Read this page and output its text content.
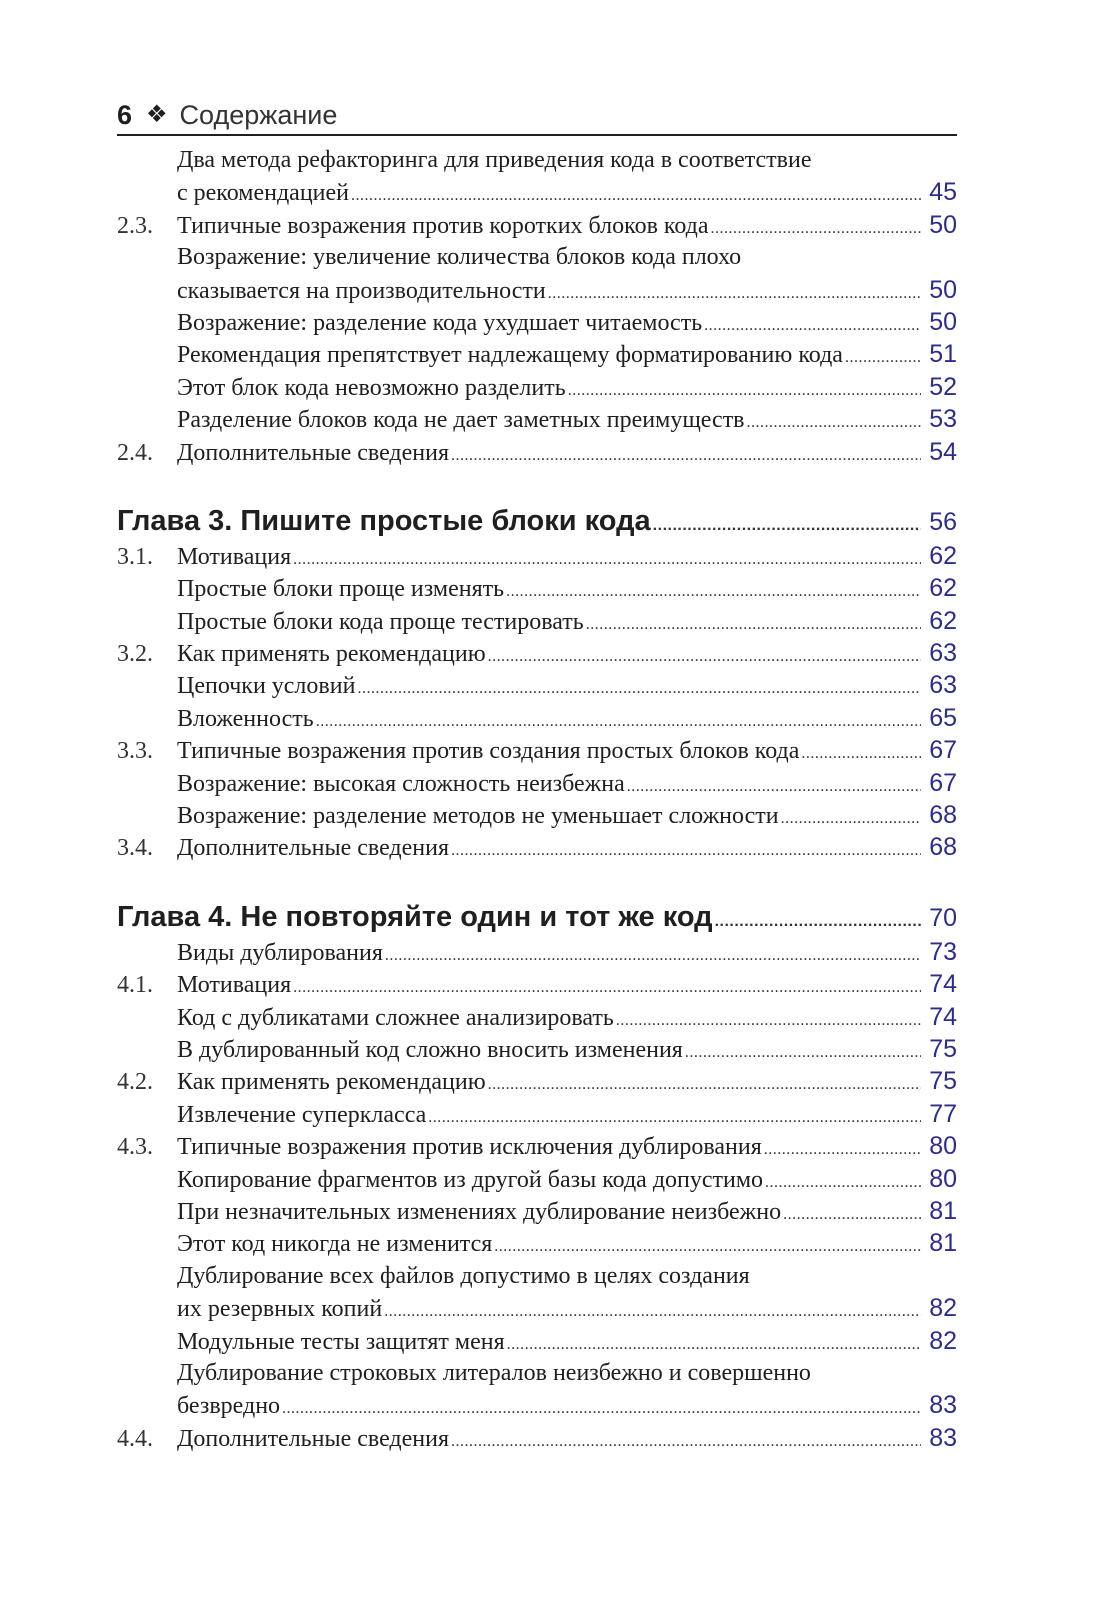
6 ❖ Содержание
Два метода рефакторинга для приведения кода в соответствие
с рекомендацией .....	45
2.3.	Типичные возражения против коротких блоков кода .....	50
Возражение: увеличение количества блоков кода плохо
сказывается на производительности .....	50
Возражение: разделение кода ухудшает читаемость .....	50
Рекомендация препятствует надлежащему форматированию кода .....	51
Этот блок кода невозможно разделить .....	52
Разделение блоков кода не дает заметных преимуществ .....	53
2.4.	Дополнительные сведения .....	54
Глава 3. Пишите простые блоки кода .....	56
3.1.	Мотивация .....	62
Простые блоки проще изменять .....	62
Простые блоки кода проще тестировать .....	62
3.2.	Как применять рекомендацию .....	63
Цепочки условий .....	63
Вложенность .....	65
3.3.	Типичные возражения против создания простых блоков кода .....	67
Возражение: высокая сложность неизбежна .....	67
Возражение: разделение методов не уменьшает сложности .....	68
3.4.	Дополнительные сведения .....	68
Глава 4. Не повторяйте один и тот же код .....	70
Виды дублирования .....	73
4.1.	Мотивация .....	74
Код с дубликатами сложнее анализировать .....	74
В дублированный код сложно вносить изменения .....	75
4.2.	Как применять рекомендацию .....	75
Извлечение суперкласса .....	77
4.3.	Типичные возражения против исключения дублирования .....	80
Копирование фрагментов из другой базы кода допустимо .....	80
При незначительных изменениях дублирование неизбежно .....	81
Этот код никогда не изменится .....	81
Дублирование всех файлов допустимо в целях создания
их резервных копий .....	82
Модульные тесты защитят меня .....	82
Дублирование строковых литералов неизбежно и совершенно
безвредно .....	83
4.4.	Дополнительные сведения .....	83
